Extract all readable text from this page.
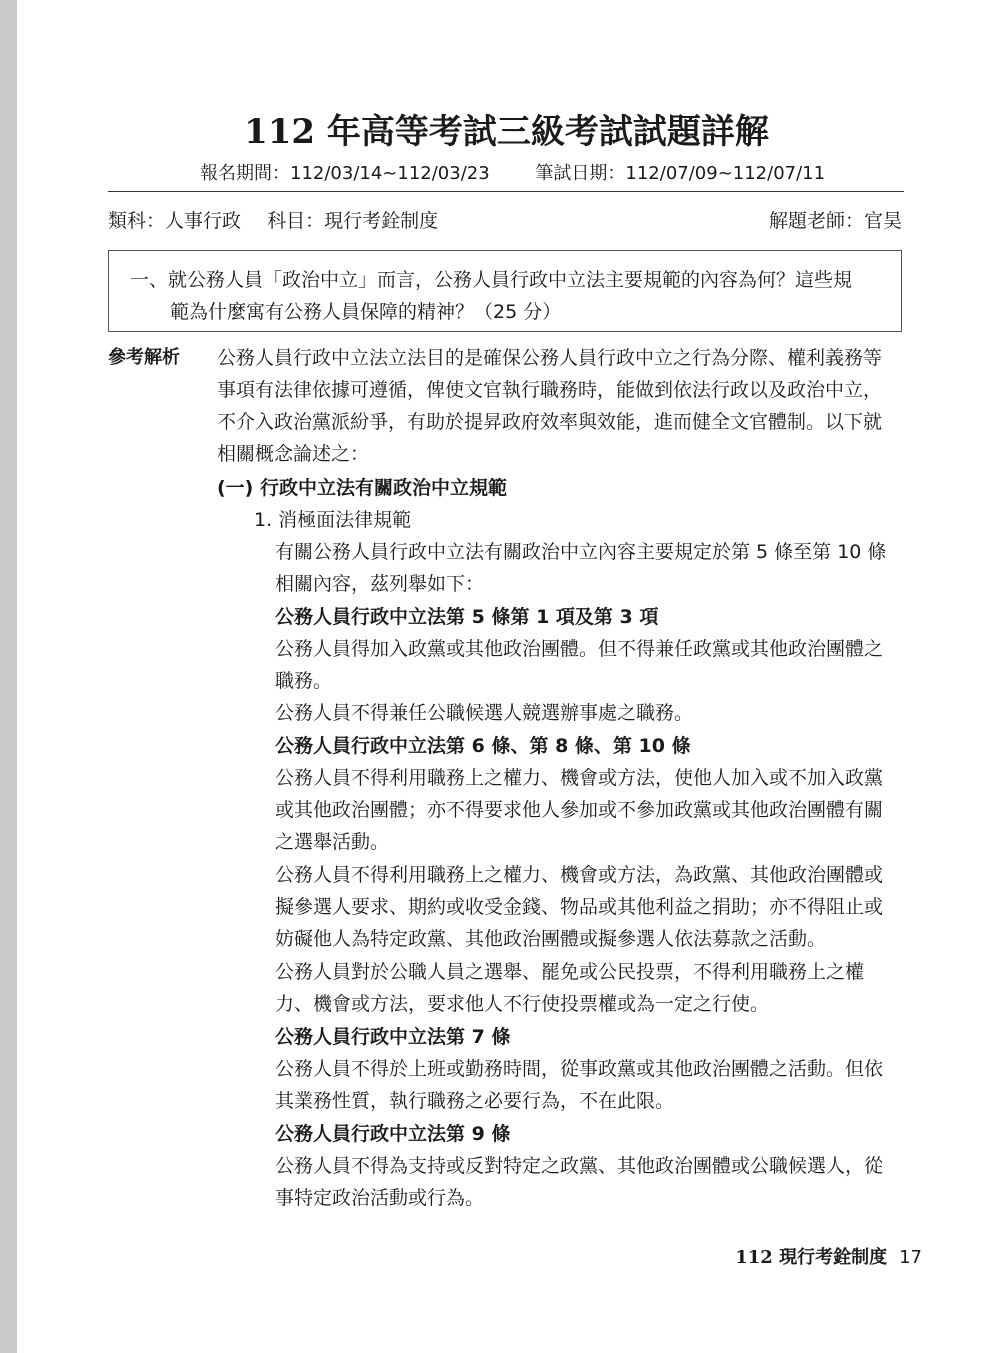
112 年高等考試三級考試試題詳解
報名期間：112/03/14~112/03/23	筆試日期：112/07/09~112/07/11
類科：人事行政 科目：現行考銓制度	解題老師：官昊
一、就公務人員「政治中立」而言，公務人員行政中立法主要規範的內容為何？這些規
範為什麼寓有公務人員保障的精神？（25 分）
參考解析 公務人員行政中立法立法目的是確保公務人員行政中立之行為分際、權利義務等
事項有法律依據可遵循，俾使文官執行職務時，能做到依法行政以及政治中立，
不介入政治黨派紛爭，有助於提昇政府效率與效能，進而健全文官體制。以下就
相關概念論述之：
(一) 行政中立法有關政治中立規範
1. 消極面法律規範
有關公務人員行政中立法有關政治中立內容主要規定於第 5 條至第 10 條
相關內容，茲列舉如下：
公務人員行政中立法第 5 條第 1 項及第 3 項
公務人員得加入政黨或其他政治團體。但不得兼任政黨或其他政治團體之
職務。
公務人員不得兼任公職候選人競選辦事處之職務。
公務人員行政中立法第 6 條、第 8 條、第 10 條
公務人員不得利用職務上之權力、機會或方法，使他人加入或不加入政黨
或其他政治團體；亦不得要求他人參加或不參加政黨或其他政治團體有關
之選舉活動。
公務人員不得利用職務上之權力、機會或方法，為政黨、其他政治團體或
擬參選人要求、期約或收受金錢、物品或其他利益之捐助；亦不得阻止或
妨礙他人為特定政黨、其他政治團體或擬參選人依法募款之活動。
公務人員對於公職人員之選舉、罷免或公民投票，不得利用職務上之權
力、機會或方法，要求他人不行使投票權或為一定之行使。
公務人員行政中立法第 7 條
公務人員不得於上班或勤務時間，從事政黨或其他政治團體之活動。但依
其業務性質，執行職務之必要行為，不在此限。
公務人員行政中立法第 9 條
公務人員不得為支持或反對特定之政黨、其他政治團體或公職候選人，從
事特定政治活動或行為。
112 現行考銓制度 17
